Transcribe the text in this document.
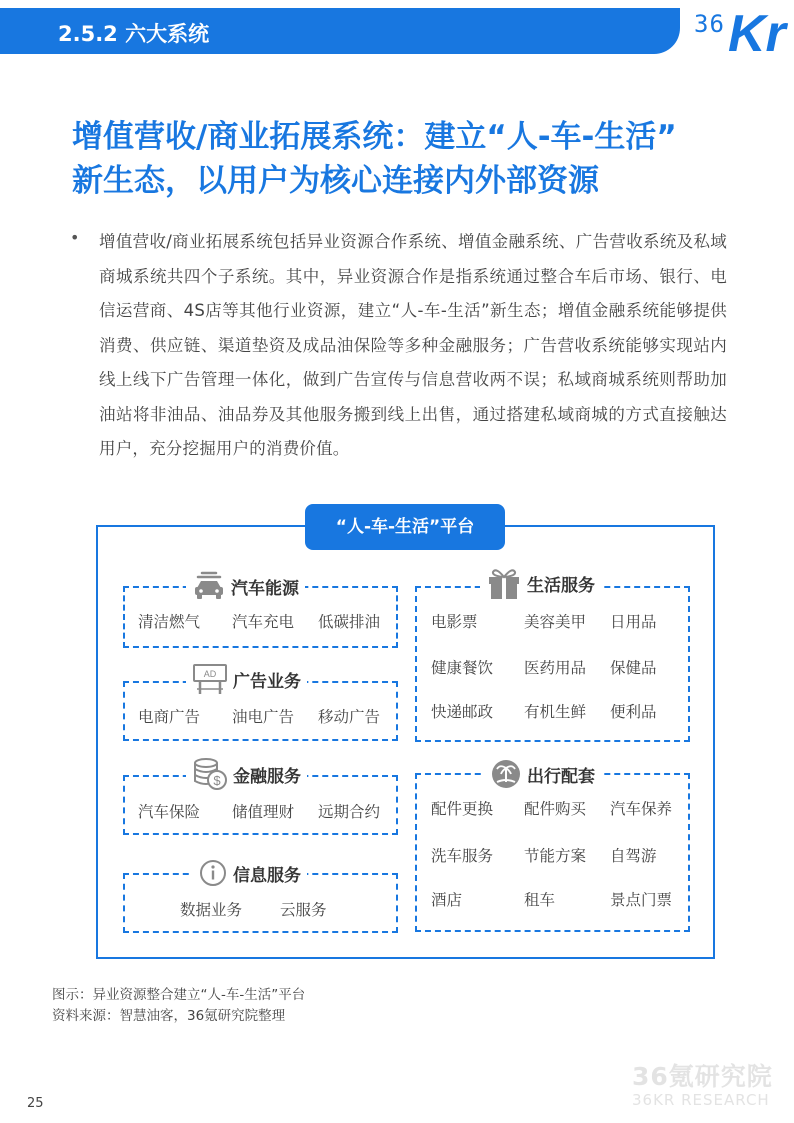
2.5.2 六大系统	36 Kr
增值营收/商业拓展系统：建立“人-车-生活”
新生态，以用户为核心连接内外部资源
• 增值营收/商业拓展系统包括异业资源合作系统、增值金融系统、广告营收系统及私域商城系统共四个子系统。其中，异业资源合作是指系统通过整合车后市场、银行、电信运营商、4S店等其他行业资源，建立“人-车-生活”新生态；增值金融系统能够提供消费、供应链、渠道垫资及成品油保险等多种金融服务；广告营收系统能够实现站内线上线下广告管理一体化，做到广告宣传与信息营收两不误；私域商城系统则帮助加油站将非油品、油品券及其他服务搬到线上出售，通过搭建私域商城的方式直接触达用户，充分挖掘用户的消费价值。
“人-车-生活”平台
汽车能源
清洁燃气 汽车充电 低碳排油
AD 广告业务
电商广告 油电广告 移动广告
$ 金融服务
汽车保险 储值理财 远期合约
信息服务
数据业务 云服务
生活服务
电影票	美容美甲 日用品
健康餐饮 医药用品 保健品
快递邮政 有机生鲜 便利品
出行配套
配件更换 配件购买 汽车保养
洗车服务 节能方案 自驾游
酒店	租车	景点门票
图示：异业资源整合建立“人-车-生活”平台
资料来源：智慧油客，36氪研究院整理
36氪研究院
36KR RESEARCH
25
